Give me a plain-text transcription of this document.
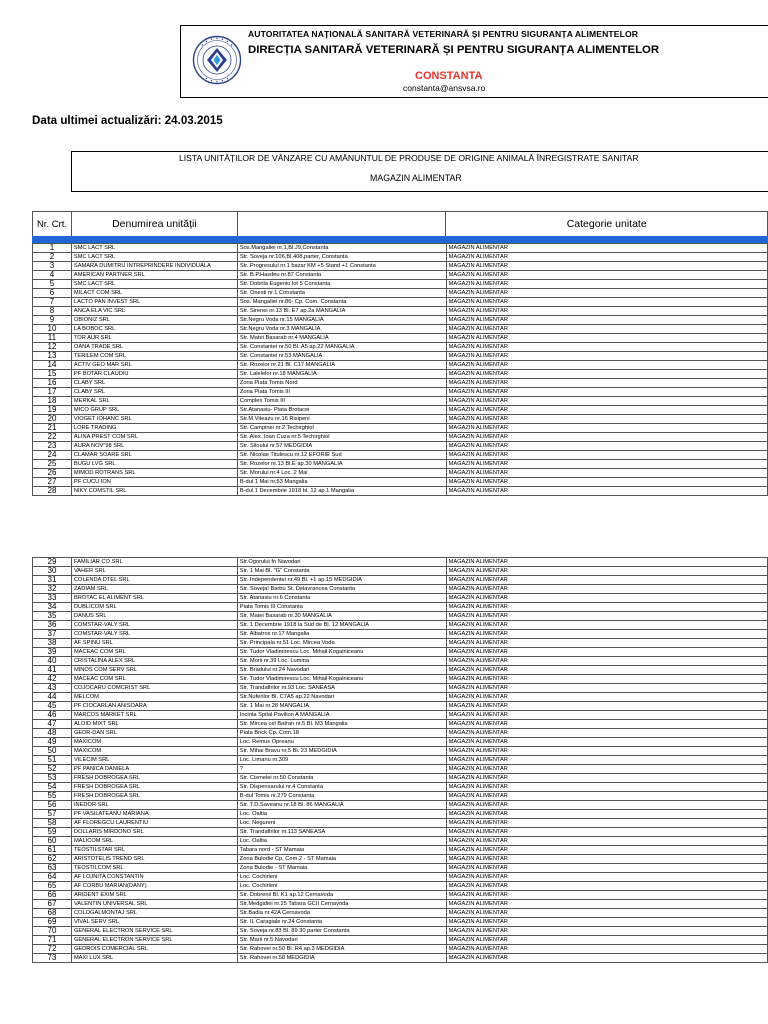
AUTORITATEA NAȚIONALĂ SANITARĂ VETERINARĂ ȘI PENTRU SIGURANȚA ALIMENTELOR
DIRECȚIA SANITARĂ VETERINARĂ ȘI PENTRU SIGURANȚA ALIMENTELOR
CONSTANTA
constanta@ansvsa.ro
Data ultimei actualizări: 24.03.2015
LISTA UNITĂȚILOR DE VÂNZARE CU AMĂNUNTUL DE PRODUSE DE ORIGINE ANIMALĂ ÎNREGISTRATE SANITAR
MAGAZIN ALIMENTAR
Nr. Crt.	Denumirea unității		Categorie unitate
1	SMC LACT SRL	Sos.Mangaliei nr.1,Bl.J9,Constanta	MAGAZIN ALIMENTAR
2	SMC LACT SRL	Str. Soveja nr.106,Bl.408,parter, Constanta	MAGAZIN ALIMENTAR
3	SAMARA DUMITRU INTREPRINDERE INDIVIDUALA	Str. Progresului nr.1 bazar KM +5 Stand +1 Constanta	MAGAZIN ALIMENTAR
4	AMERICAN PARTNER SRL	Str. B.P.Hasdeu nr.87 Constanta	MAGAZIN ALIMENTAR
5	SMC LACT SRL	Str. Dobrila Eugeniu lot 5 Constanta	MAGAZIN ALIMENTAR
6	MILACT COM SRL	Str. Onesti nr.1 Constanta	MAGAZIN ALIMENTAR
7	LACTO PAN INVEST SRL	Sos. Mangaliei nr.86- Cp. Com. Constanta	MAGAZIN ALIMENTAR
8	ANCA ELA VIC SRL	Str. Sirenei nr.13 Bl. E7 ap.2a MANGALIA	MAGAZIN ALIMENTAR
9	OBIONIZ SRL	Str.Negru Voda nr.15 MANGALIA	MAGAZIN ALIMENTAR
10	LA BOBOC SRL	Str.Negru Voda nr.3 MANGALIA	MAGAZIN ALIMENTAR
11	TOR AUR SRL	Str. Matei Basarab nr.4 MANGALIA	MAGAZIN ALIMENTAR
12	OANA TRADE SRL	Str. Constantei nr.50 Bl. A5 ap.22 MANGALIA	MAGAZIN ALIMENTAR
13	TERILEM COM SRL	Str. Constantei nr.53 MANGALIA	MAGAZIN ALIMENTAR
14	ACTIV GEO MAR SRL	Str. Rozelor nr.21 Bl. C17 MANGALIA	MAGAZIN ALIMENTAR
15	PF BOTAR CLAUDIU	Str. Lalelelor nr.18 MANGALIA	MAGAZIN ALIMENTAR
16	CLABY SRL	Zona Piata Tomis Nord	MAGAZIN ALIMENTAR
17	CLABY SRL	Zona Piata Tomis III	MAGAZIN ALIMENTAR
18	MERKAL SRL	Complex Tomis III	MAGAZIN ALIMENTAR
19	MICO GRUP SRL	Str.Atanasiu- Piata Brotacei	MAGAZIN ALIMENTAR
20	VIOGET IOHANC SRL	Str.M.Viteazu nr.16 Risipeni	MAGAZIN ALIMENTAR
21	LORE TRADING	Str. Campinei nr.2 Techirghiol	MAGAZIN ALIMENTAR
22	ALINA PREST COM SRL	Str. Alex. Ioan Cuza nr.5 Techirghiol	MAGAZIN ALIMENTAR
23	AURA NOV"98 SRL	Str. Siloului nr.57 MEDGIDIA	MAGAZIN ALIMENTAR
24	CLAMAR SOARE SRL	Str. Nicolae Titulescu nr.12 EFORIE Sud	MAGAZIN ALIMENTAR
25	BUGU LVG SRL	Str. Rozelor nr.13 Bl.E ap.30 MANGALIA	MAGAZIN ALIMENTAR
26	MIMOD ROTRANS SRL	Str. Morului nr.4 Loc. 2 Mai	MAGAZIN ALIMENTAR
27	PF CUCU ION	B-dul 1 Mai nr.53 Mangalia	MAGAZIN ALIMENTAR
28	NIKY COMSTIL SRL	B-dul 1 Decembrie 1918 bl. 12 ap.1 Mangalia	MAGAZIN ALIMENTAR
29	FAMILIAR CO SRL	Str.Ogorului fn Navodari	MAGAZIN ALIMENTAR
30	VAHER SRL	Str. 1 Mai Bl. "G" Constanta	MAGAZIN ALIMENTAR
31	COLENDA DTEL SRL	Str. Independentei nr.49 Bl. +1 ap.15 MEDGIDIA	MAGAZIN ALIMENTAR
32	ZADIAM SRL	Str. Soveja! Barbu St. Delavrancea Constanta	MAGAZIN ALIMENTAR
33	BROTAC EL ALIMENT SRL	Str. Atanasiu nr.6 Constanta	MAGAZIN ALIMENTAR
34	DUBLICOM SRL	Piata Tomis III Constanta	MAGAZIN ALIMENTAR
35	DANUS SRL	Str. Matei Basarab nr.30 MANGALIA	MAGAZIN ALIMENTAR
36	COMSTAR-VALY SRL	Str. 1 Decembrie 1918 la Sud de Bl. 12 MANGALIA	MAGAZIN ALIMENTAR
37	COMSTAR-VALY SRL	Str. Albatros nr.17 Mangalia	MAGAZIN ALIMENTAR
38	AF SPINU SRL	Str. Principala nr.51 Loc. Mircea Voda	MAGAZIN ALIMENTAR
39	MACEAC COM SRL	Str. Tudor Vladimirescu Loc. Mihail Kogalniceanu	MAGAZIN ALIMENTAR
40	CRISTALINA ALEX SRL	Str. Morii nr.39 Loc. Lumina	MAGAZIN ALIMENTAR
41	MINOS COM SERV SRL	Str. Bradului nr.24 Navodari	MAGAZIN ALIMENTAR
42	MACEAC COM SRL	Str. Tudor Vladimirescu Loc. Mihail Kogalniceanu	MAGAZIN ALIMENTAR
43	COJOCARU COMCRIST SRL	Str. Trandafirilor nr.93 Loc. SANEASA	MAGAZIN ALIMENTAR
44	MELCOM	Str.Nuferilor Bl. C7A5 ap.22 Navodari	MAGAZIN ALIMENTAR
45	PF CIOCARLAN ANISOARA	Str. 1 Mai nr.28 MANGALIA	MAGAZIN ALIMENTAR
46	MARCOS MARKET SRL	Incinta Spital Pavilion A MANGALIA	MAGAZIN ALIMENTAR
47	ALOID MIXT SRL	Str. Mircea cel Batran nr.5 Bl. M3 Mangalia	MAGAZIN ALIMENTAR
48	GEDR-DAN SRL	Piata Brick Cp. Com.18	MAGAZIN ALIMENTAR
49	MAXICOM	Loc. Remus Opreanu	MAGAZIN ALIMENTAR
50	MAXICOM	Str. Mihai Bravu nr.5 Bl. 23 MEDGIDIA	MAGAZIN ALIMENTAR
51	VILECIM SRL	Loc. Limanu nr.309	MAGAZIN ALIMENTAR
52	PF PANICA DANIELA	?	MAGAZIN ALIMENTAR
53	FRESH DOBROGEA SRL	Str. Cismelei nr.50 Constanta	MAGAZIN ALIMENTAR
54	FRESH DOBROGEA SRL	Str. Dispensarului nr.4 Constanta	MAGAZIN ALIMENTAR
55	FRESH DOBROGEA SRL	B-dul Tomis nr.279 Constanta	MAGAZIN ALIMENTAR
56	INEDOR SRL	Str. T.D.Saveanu nr.18 Bl. 86 MANGALIA	MAGAZIN ALIMENTAR
57	PF VASILATEANU MARIANA	Loc. Oaltia	MAGAZIN ALIMENTAR
58	AF FLOREGCU LAURENTIU	Loc. Negureni	MAGAZIN ALIMENTAR
59	DOLLARIS MIRDONO SRL	Str. Trandafirilor nr.113 SANEASA	MAGAZIN ALIMENTAR
60	MALICOM SRL	Loc. Oaltia	MAGAZIN ALIMENTAR
61	TEOSTILSTAR SRL	Tabara nord - ST Mamaia	MAGAZIN ALIMENTAR
62	ARISTOTELIS TREND SRL	Zona Bulodie Cp. Com.2 - ST Mamaia	MAGAZIN ALIMENTAR
63	TEOSTILCOM SRL	Zona Bulodie - ST Mamaia	MAGAZIN ALIMENTAR
64	AF LOJNITA CONSTANTIN	Loc. Cochirleni	MAGAZIN ALIMENTAR
65	AF CORBU MARIAN(DANY)	Loc. Cochirleni	MAGAZIN ALIMENTAR
66	ARIDENT EXIM SRL	Str. Dobrenii Bl. K1 ap.12 Cernavoda	MAGAZIN ALIMENTAR
67	VALENTIN UNIVERSAL SRL	Str.Medgidiei nr.25 Tabara GCII Cernavoda	MAGAZIN ALIMENTAR
68	COLOGALMONTAJ SRL	Str.Badia nr.42A Cernavoda	MAGAZIN ALIMENTAR
69	VIVAL SERV SRL	Str. IL Caragiale nr.24 Constanta	MAGAZIN ALIMENTAR
70	GENERAL ELECTRON SERVICE SRL	Str. Soveja nr.83 Bl. 89 30 parter Constanta	MAGAZIN ALIMENTAR
71	GENERAL ELECTRON SERVICE SRL	Str. Marii nr.5 Navodari	MAGAZIN ALIMENTAR
72	GEDROIS COMERCIAL SRL	Str. Rahovei nr.50 Bl. R4 ap.3 MEDGIDIA	MAGAZIN ALIMENTAR
73	MAXI LUX SRL	Str. Rahovei nr.58 MEDGIDIA	MAGAZIN ALIMENTAR
